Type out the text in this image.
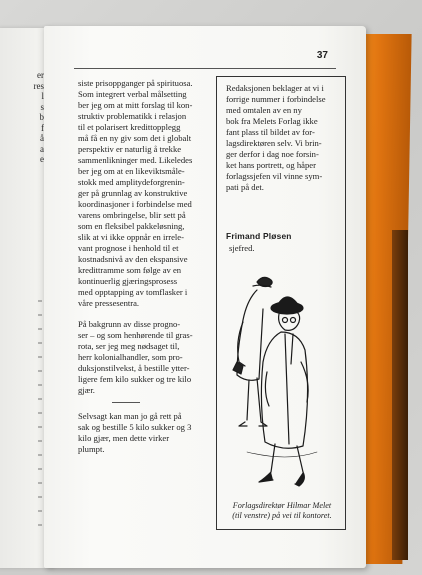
er
res
l
s
b
f
å
a
e
37
siste prisoppganger på spirituosa.
Som integrert verbal målsetting
ber jeg om at mitt forslag til kon-
struktiv problematikk i relasjon
til et polarisert kredittopplegg
må få en ny giv som det i globalt
perspektiv er naturlig å trekke
sammenlikninger med. Likeledes
ber jeg om at en likeviktsmåle-
stokk med amplitydeforgrenin-
ger på grunnlag av konstruktive
koordinasjoner i forbindelse med
varens ombringelse, blir sett på
som en fleksibel pakkeløsning,
slik at vi ikke oppnår en irrele-
vant prognose i henhold til et
kostnadsnivå av den ekspansive
kredittramme som følge av en
kontinuerlig gjæringsprosess
med opptapping av tomflasker i
våre pressesentra.
På bakgrunn av disse progno-
ser – og som henhørende til gras-
rota, ser jeg meg nødsaget til,
herr kolonialhandler, som pro-
duksjonstilvekst, å bestille ytter-
ligere fem kilo sukker og tre kilo
gjær.
Selvsagt kan man jo gå rett på
sak og bestille 5 kilo sukker og 3
kilo gjær, men dette virker
plumpt.
Redaksjonen beklager at vi i
forrige nummer i forbindelse
med omtalen av en ny
bok fra Melets Forlag ikke
fant plass til bildet av for-
lagsdirektøren selv. Vi brin-
ger derfor i dag noe forsin-
ket hans portrett, og håper
forlagssjefen vil vinne sym-
pati på det.
Frimand Pløsen
sjefred.
Forlagsdirektør Hilmar Melet
(til venstre) på vei til kontoret.
